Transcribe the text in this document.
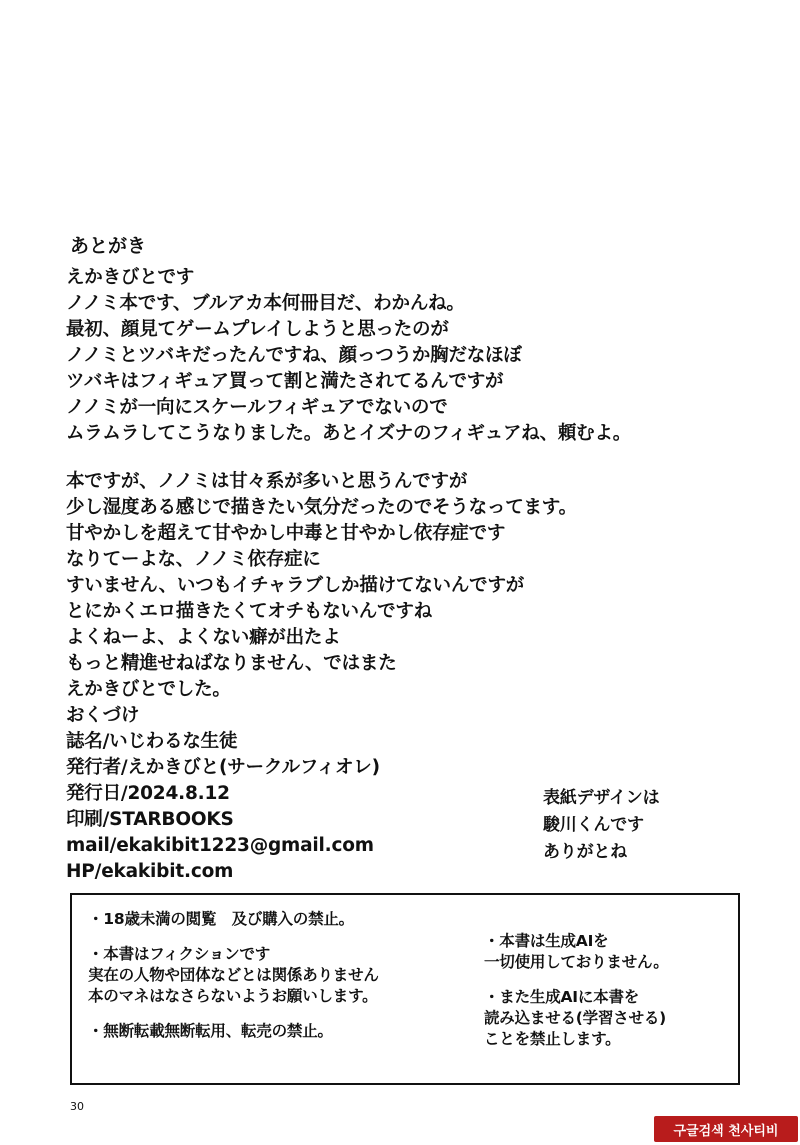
あとがき
えかきびとです
ノノミ本です、ブルアカ本何冊目だ、わかんね。
最初、顔見てゲームプレイしようと思ったのが
ノノミとツバキだったんですね、顔っつうか胸だなほぼ
ツバキはフィギュア買って割と満たされてるんですが
ノノミが一向にスケールフィギュアでないので
ムラムラしてこうなりました。あとイズナのフィギュアね、頼むよ。
本ですが、ノノミは甘々系が多いと思うんですが
少し湿度ある感じで描きたい気分だったのでそうなってます。
甘やかしを超えて甘やかし中毒と甘やかし依存症です
なりてーよな、ノノミ依存症に
すいません、いつもイチャラブしか描けてないんですが
とにかくエロ描きたくてオチもないんですね
よくねーよ、よくない癖が出たよ
もっと精進せねばなりません、ではまた
えかきびとでした。
おくづけ
誌名/いじわるな生徒
発行者/えかきびと(サークルフィオレ)
発行日/2024.8.12
印刷/STARBOOKS
mail/ekakibit1223@gmail.com
HP/ekakibit.com
表紙デザインは
駿川くんです
ありがとね
・18歳未満の閲覧　及び購入の禁止。
・本書はフィクションです
実在の人物や団体などとは関係ありません
本のマネはなさらないようお願いします。
・無断転載無断転用、転売の禁止。
・本書は生成AIを
一切使用しておりません。
・また生成AIに本書を
読み込ませる(学習させる)
ことを禁止します。
30
구글검색 천사티비
